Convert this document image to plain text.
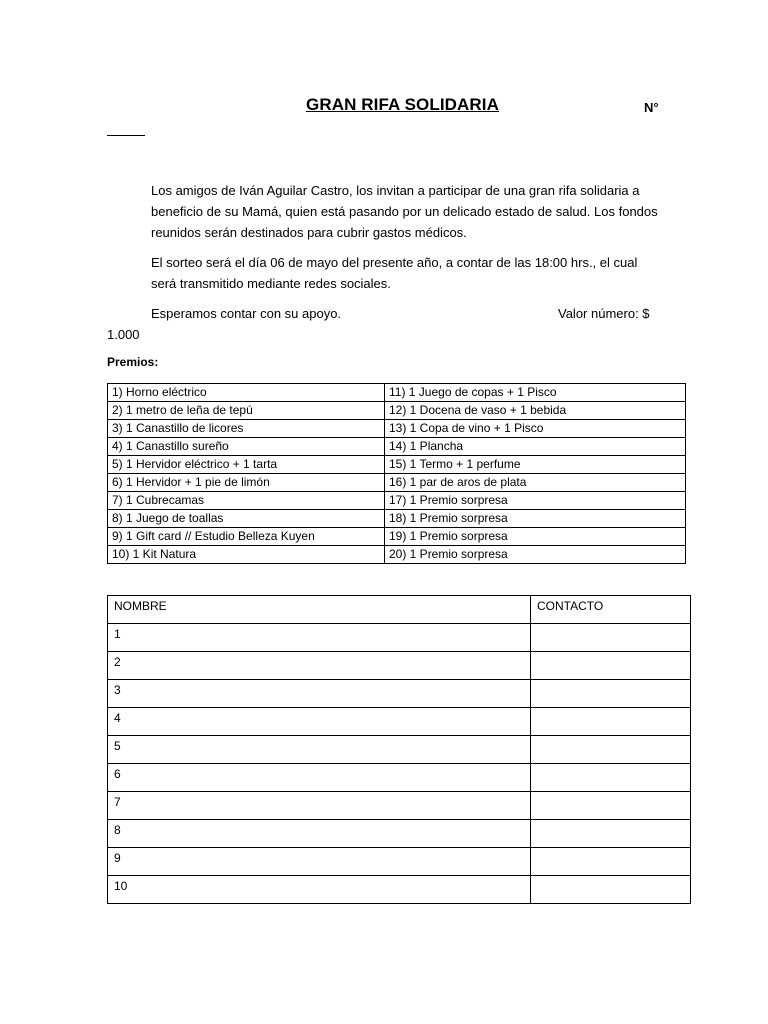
GRAN RIFA SOLIDARIA	N°
Los amigos de Iván Aguilar Castro, los invitan a participar de una gran rifa solidaria a beneficio de su Mamá, quien está pasando por un delicado estado de salud. Los fondos reunidos serán destinados para cubrir gastos médicos.
El sorteo será el día 06 de mayo del presente año, a contar de las 18:00 hrs., el cual será transmitido mediante redes sociales.
Esperamos contar con su apoyo.	Valor número: $
1.000
Premios:
1) Horno eléctrico	11) 1 Juego de copas + 1 Pisco
2) 1 metro de leña de tepú	12) 1 Docena de vaso + 1 bebida
3) 1 Canastillo de licores	13) 1 Copa de vino + 1 Pisco
4) 1 Canastillo sureño	14) 1 Plancha
5) 1 Hervidor eléctrico + 1 tarta	15) 1 Termo + 1 perfume
6) 1 Hervidor + 1 pie de limón	16) 1 par de aros de plata
7) 1 Cubrecamas	17) 1 Premio sorpresa
8) 1 Juego de toallas	18) 1 Premio sorpresa
9) 1 Gift card // Estudio Belleza Kuyen	19) 1 Premio sorpresa
10) 1 Kit Natura	20) 1 Premio sorpresa
NOMBRE	CONTACTO
1	
2	
3	
4	
5	
6	
7	
8	
9	
10	
